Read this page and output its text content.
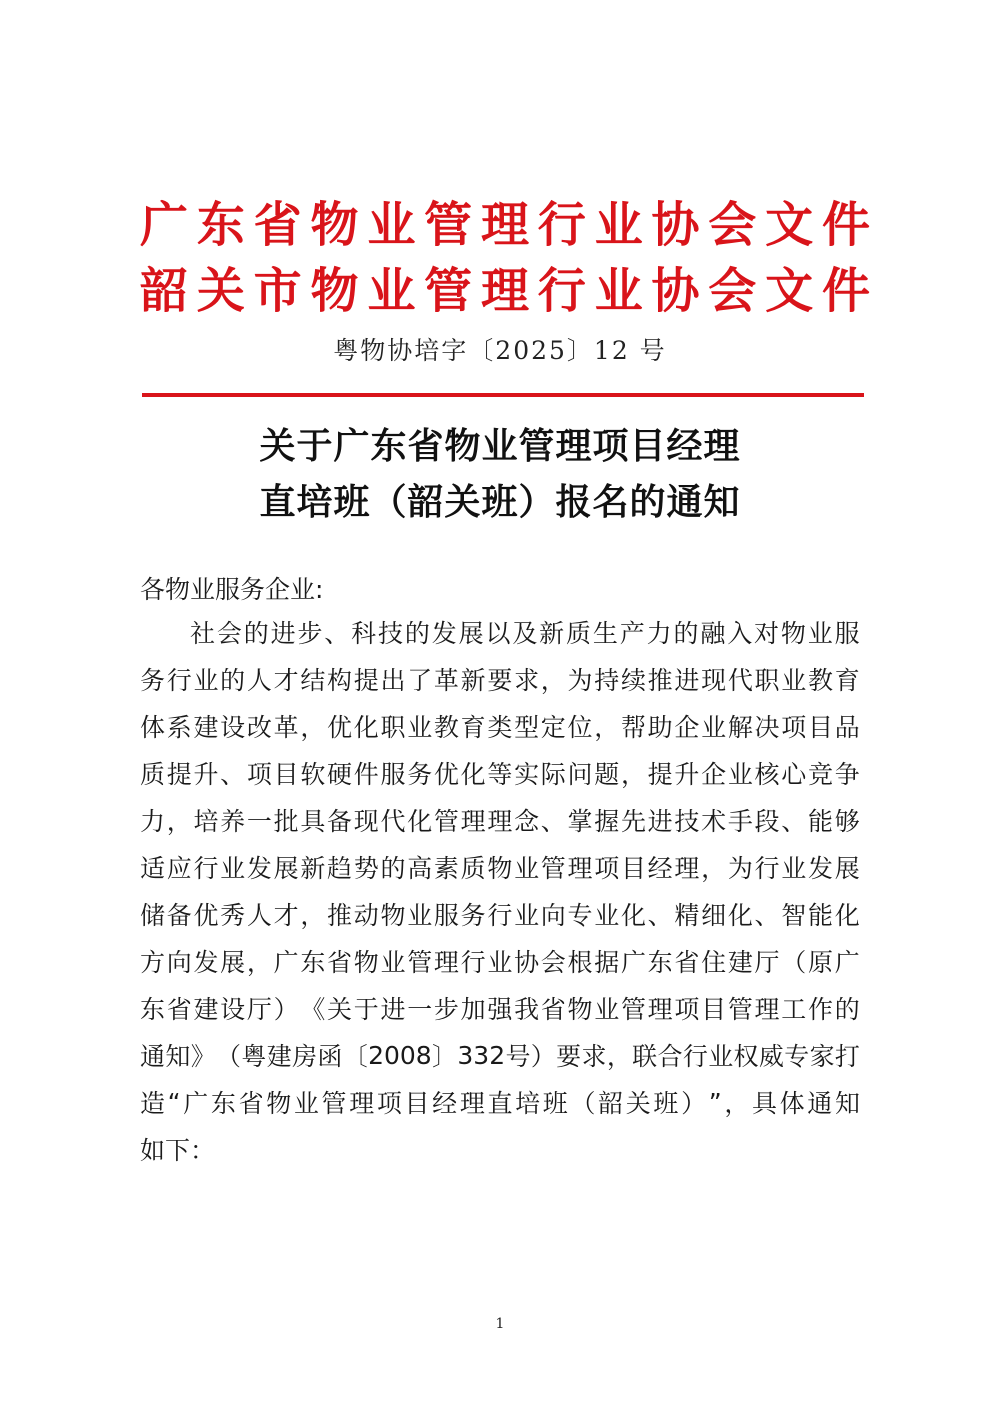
广 东 省 物 业 管 理 行 业 协 会 文 件
韶 关 市 物 业 管 理 行 业 协 会 文 件
粤物协培字〔2025〕12 号
关于广东省物业管理项目经理
直培班（韶关班）报名的通知
各物业服务企业:
社 会 的 进 步 、 科 技 的 发 展 以 及 新 质 生 产 力 的 融 入 对 物 业 服
务 行 业 的 人 才 结 构 提 出 了 革 新 要 求 ， 为 持 续 推 进 现 代 职 业 教 育
体 系 建 设 改 革 ， 优 化 职 业 教 育 类 型 定 位 ， 帮 助 企 业 解 决 项 目 品
质 提 升 、 项 目 软 硬 件 服 务 优 化 等 实 际 问 题 ， 提 升 企 业 核 心 竞 争
力 ， 培 养 一 批 具 备 现 代 化 管 理 理 念 、 掌 握 先 进 技 术 手 段 、 能 够
适 应 行 业 发 展 新 趋 势 的 高 素 质 物 业 管 理 项 目 经 理 ， 为 行 业 发 展
储 备 优 秀 人 才 ， 推 动 物 业 服 务 行 业 向 专 业 化 、 精 细 化 、 智 能 化
方 向 发 展 ， 广 东 省 物 业 管 理 行 业 协 会 根 据 广 东 省 住 建 厅 （ 原 广
东 省 建 设 厅 ） 《 关 于 进 一 步 加 强 我 省 物 业 管 理 项 目 管 理 工 作 的
通 知 》 （ 粤 建 房 函 〔 2008 〕 332 号 ） 要 求 ， 联 合 行 业 权 威 专 家 打
造 “ 广 东 省 物 业 管 理 项 目 经 理 直 培 班 （ 韶 关 班 ） ” ， 具 体 通 知
如下：
1
